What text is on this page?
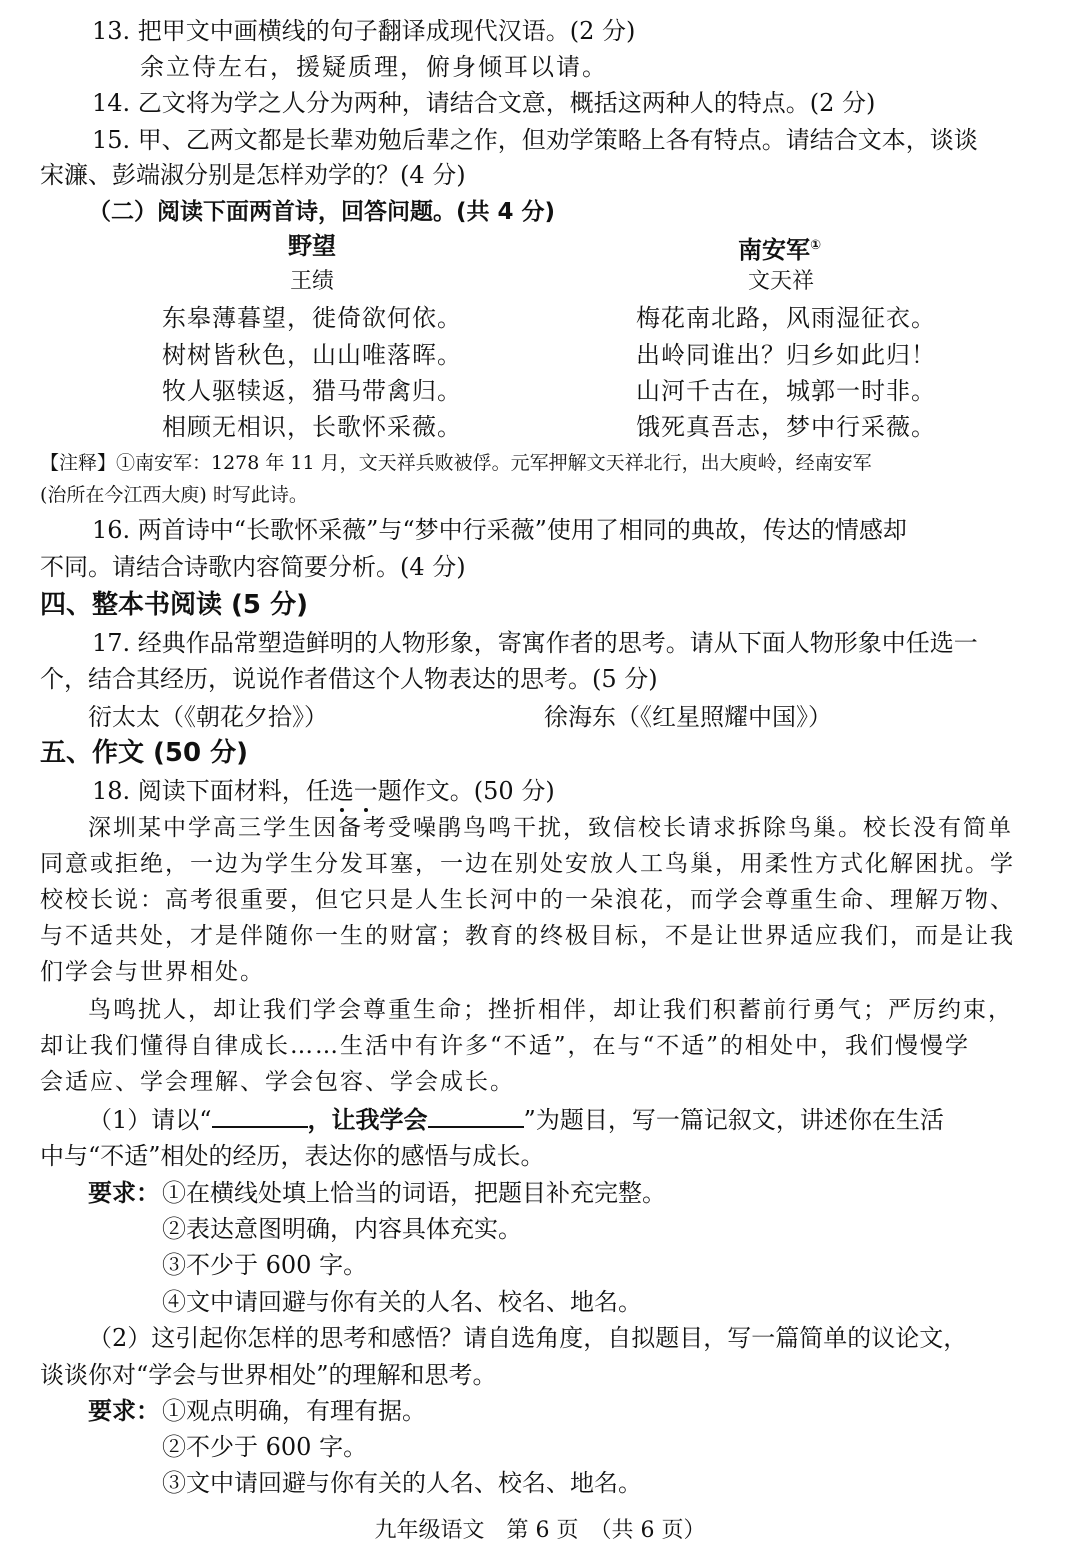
13. 把甲文中画横线的句子翻译成现代汉语。(2 分)
余立侍左右，援疑质理，俯身倾耳以请。
14. 乙文将为学之人分为两种，请结合文意，概括这两种人的特点。(2 分)
15. 甲、乙两文都是长辈劝勉后辈之作，但劝学策略上各有特点。请结合文本，谈谈
宋濂、彭端淑分别是怎样劝学的？(4 分)
（二）阅读下面两首诗，回答问题。(共 4 分)
野望
王绩
东皋薄暮望，徙倚欲何依。
树树皆秋色，山山唯落晖。
牧人驱犊返，猎马带禽归。
相顾无相识，长歌怀采薇。
南安军①
文天祥
梅花南北路，风雨湿征衣。
出岭同谁出？归乡如此归！
山河千古在，城郭一时非。
饿死真吾志，梦中行采薇。
【注释】①南安军：1278 年 11 月，文天祥兵败被俘。元军押解文天祥北行，出大庾岭，经南安军
(治所在今江西大庾) 时写此诗。
16. 两首诗中“长歌怀采薇”与“梦中行采薇”使用了相同的典故，传达的情感却
不同。请结合诗歌内容简要分析。(4 分)
四、整本书阅读 (5 分)
17. 经典作品常塑造鲜明的人物形象，寄寓作者的思考。请从下面人物形象中任选一
个，结合其经历，说说作者借这个人物表达的思考。(5 分)
衍太太（《朝花夕拾》）	徐海东（《红星照耀中国》）
五、作文 (50 分)
18. 阅读下面材料，任选一题作文。(50 分)
深圳某中学高三学生因备考受噪鹃鸟鸣干扰，致信校长请求拆除鸟巢。校长没有简单
同意或拒绝，一边为学生分发耳塞，一边在别处安放人工鸟巢，用柔性方式化解困扰。学
校校长说：高考很重要，但它只是人生长河中的一朵浪花，而学会尊重生命、理解万物、
与不适共处，才是伴随你一生的财富；教育的终极目标，不是让世界适应我们，而是让我
们学会与世界相处。
鸟鸣扰人，却让我们学会尊重生命；挫折相伴，却让我们积蓄前行勇气；严厉约束，
却让我们懂得自律成长……生活中有许多“不适”，在与“不适”的相处中，我们慢慢学
会适应、学会理解、学会包容、学会成长。
（1）请以“	，让我学会	”为题目，写一篇记叙文，讲述你在生活
中与“不适”相处的经历，表达你的感悟与成长。
要求： ①在横线处填上恰当的词语，把题目补充完整。
②表达意图明确，内容具体充实。
③不少于 600 字。
④文中请回避与你有关的人名、校名、地名。
（2）这引起你怎样的思考和感悟？请自选角度，自拟题目，写一篇简单的议论文，
谈谈你对“学会与世界相处”的理解和思考。
要求： ①观点明确，有理有据。
②不少于 600 字。
③文中请回避与你有关的人名、校名、地名。
九年级语文　第 6 页　（共 6 页）
